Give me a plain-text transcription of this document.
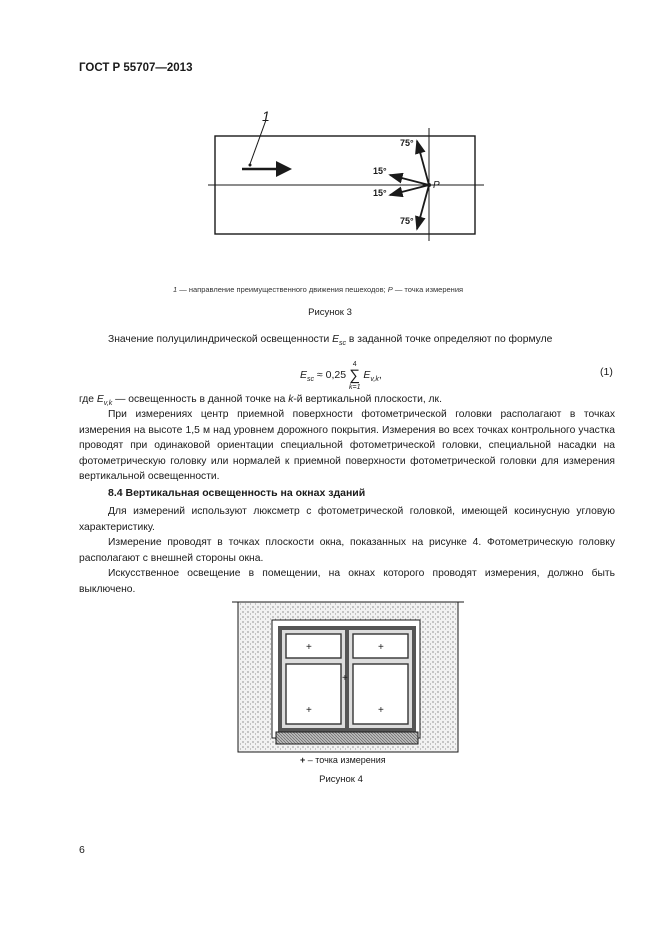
ГОСТ Р 55707—2013
1
75°
15°
15°
75°
P
1 — направление преимущественного движения пешеходов; P — точка измерения
Рисунок 3
Значение полуцилиндрической освещенности $E_{sc}$ в заданной точке определяют по формуле
$E_{sc} \approx 0,25$
4
∑
k=1
$E_{v,k}$,	(1)
где $E_{v,k}$ — освещенность в данной точке на k-й вертикальной плоскости, лк.
При измерениях центр приемной поверхности фотометрической головки располагают в точках измерения на высоте 1,5 м над уровнем дорожного покрытия. Измерения во всех точках контрольного участка проводят при одинаковой ориентации специальной фотометрической головки, специальной насадки на фотометрическую головку или нормалей к приемной поверхности фотометрической головки для измерения вертикальной освещенности.
8.4 Вертикальная освещенность на окнах зданий
Для измерений используют люксметр с фотометрической головкой, имеющей косинусную угловую характеристику.
Измерение проводят в точках плоскости окна, показанных на рисунке 4. Фотометрическую головку располагают с внешней стороны окна.
Искусственное освещение в помещении, на окнах которого проводят измерения, должно быть выключено.
+	+
+
+	+
+ – точка измерения
Рисунок 4
6
